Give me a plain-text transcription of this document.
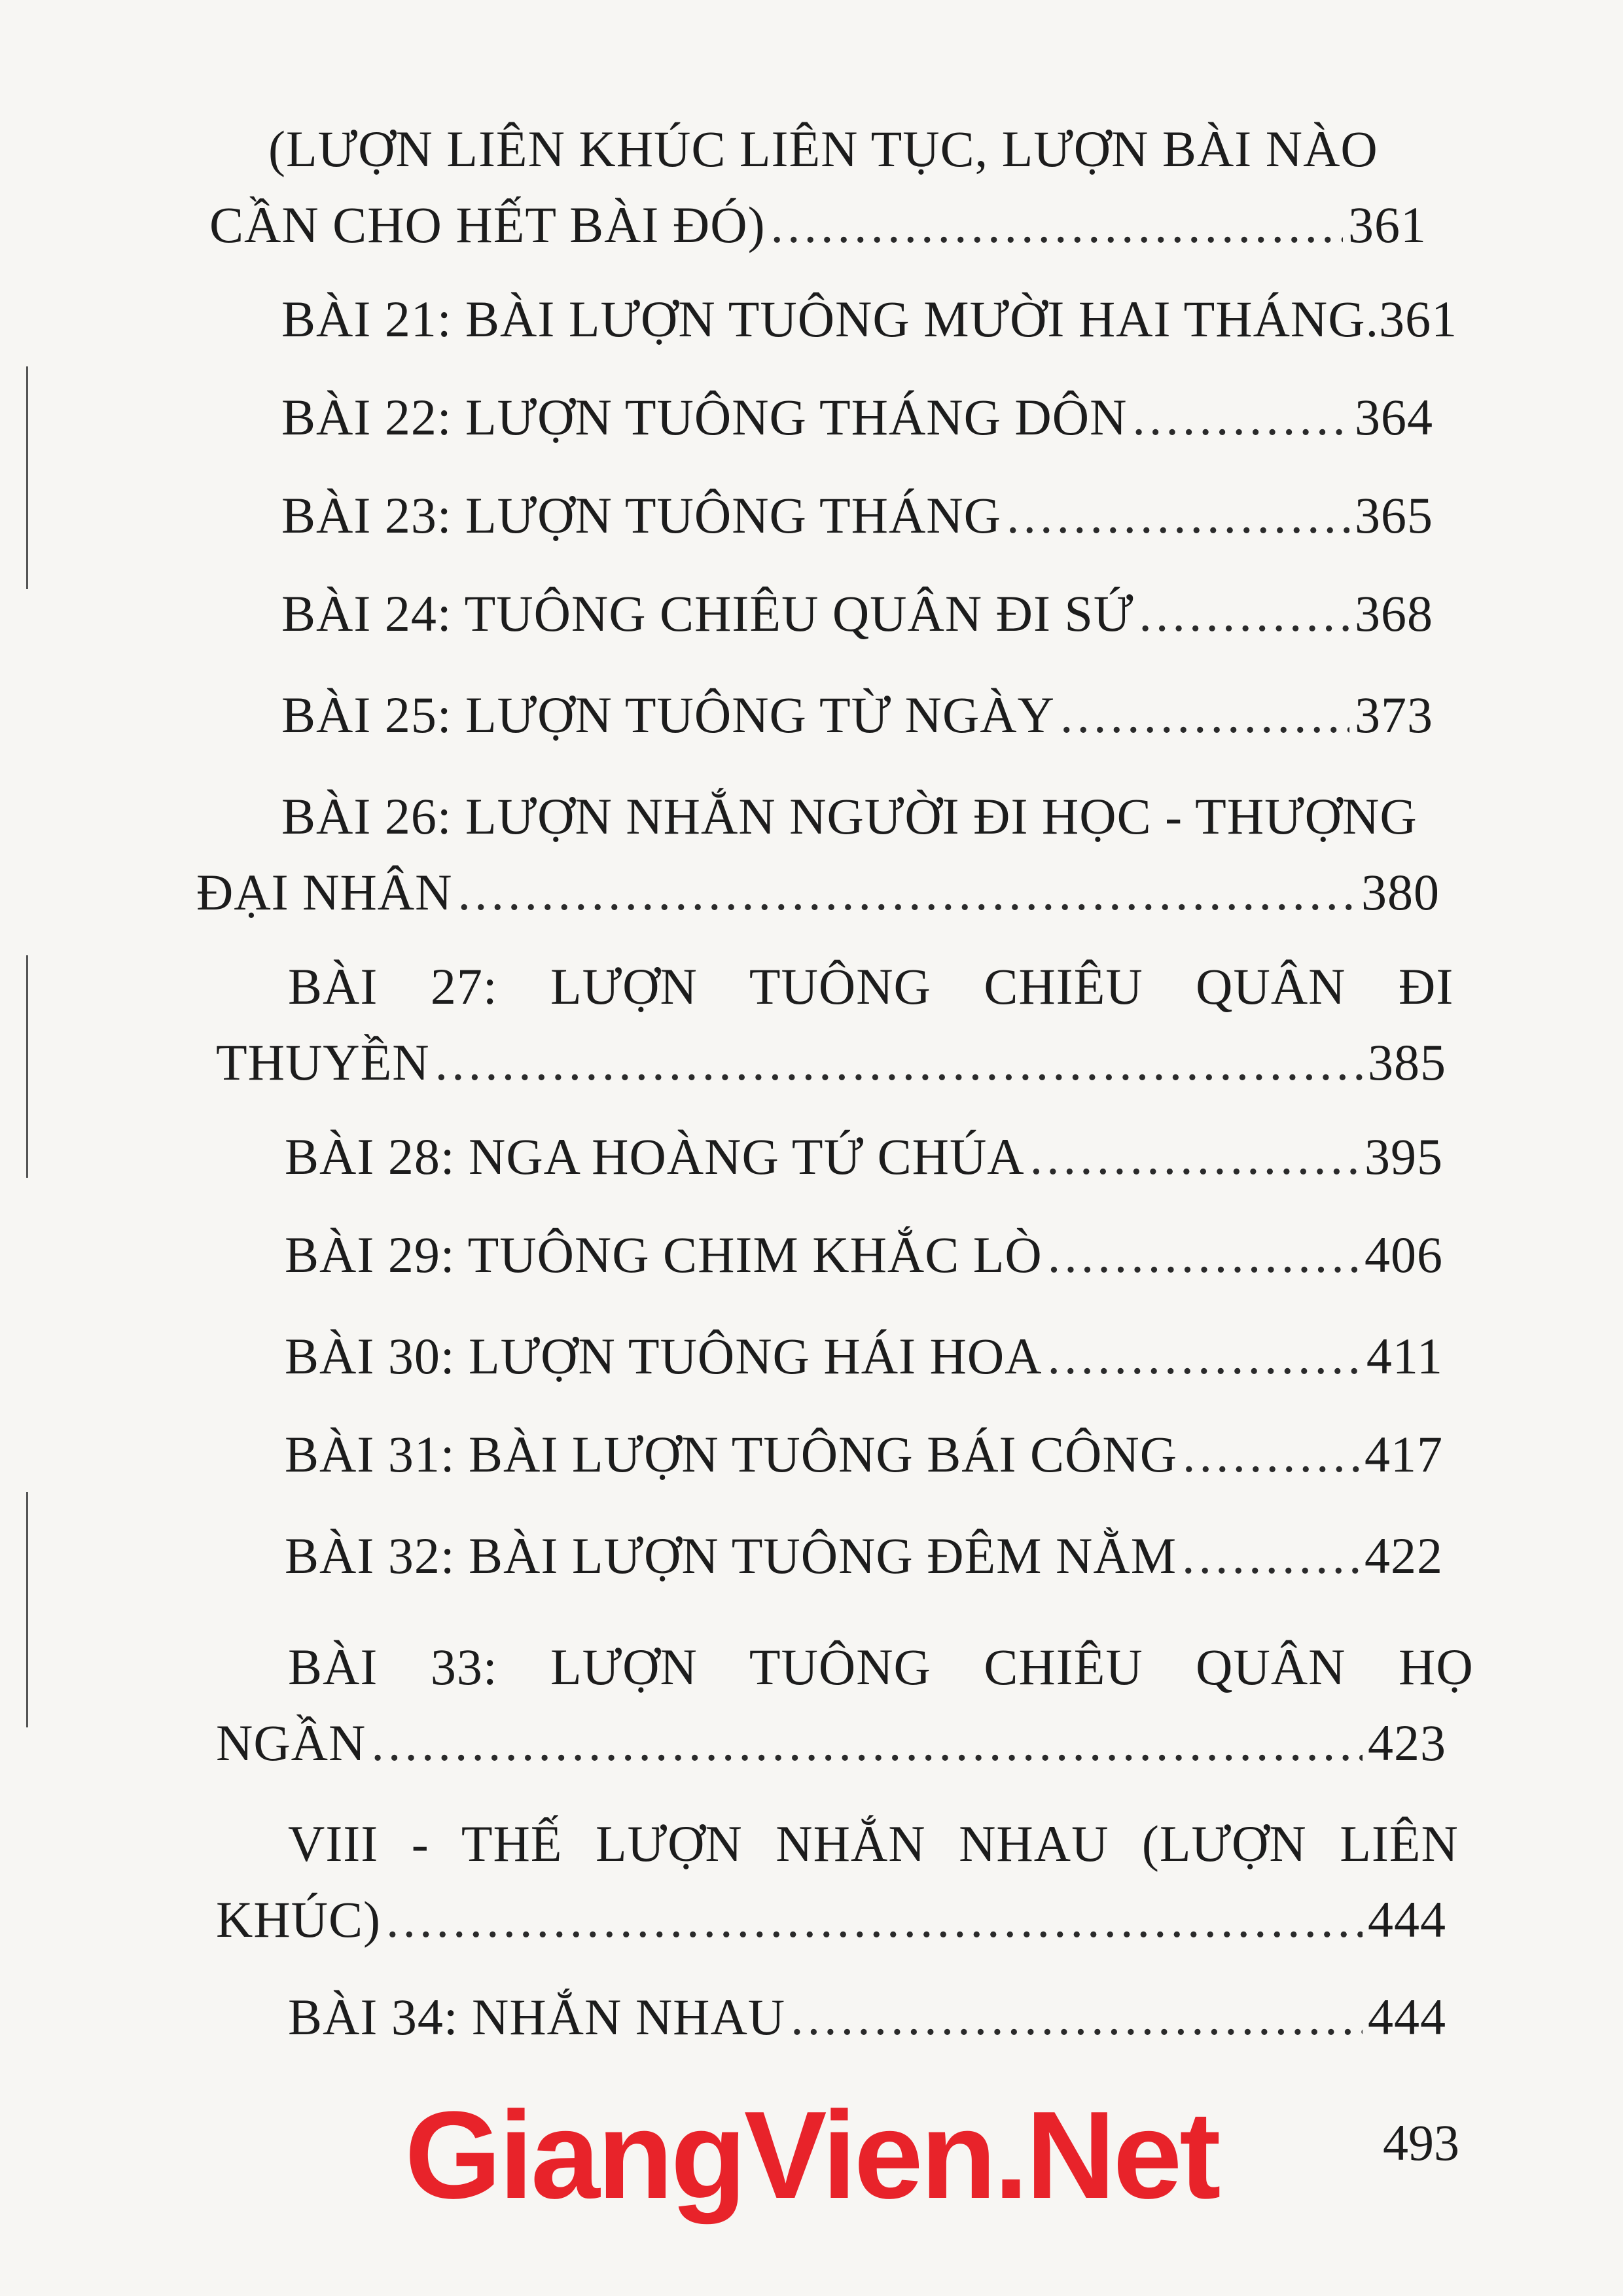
(LƯỢN LIÊN KHÚC LIÊN TỤC, LƯỢN BÀI NÀO
CẦN CHO HẾT BÀI ĐÓ) .....	361
BÀI 21: BÀI LƯỢN TUÔNG MƯỜI HAI THÁNG .361
BÀI 22: LƯỢN TUÔNG THÁNG DÔN .....	364
BÀI 23: LƯỢN TUÔNG THÁNG .....	365
BÀI 24: TUÔNG CHIÊU QUÂN ĐI SỨ .....	368
BÀI 25: LƯỢN TUÔNG TỪ NGÀY .....	373
BÀI 26: LƯỢN NHẮN NGƯỜI ĐI HỌC - THƯỢNG
ĐẠI NHÂN .....	380
BÀI 27: LƯỢN TUÔNG CHIÊU QUÂN ĐI
THUYỀN .....	385
BÀI 28: NGA HOÀNG TỨ CHÚA .....	395
BÀI 29: TUÔNG CHIM KHẮC LÒ .....	406
BÀI 30: LƯỢN TUÔNG HÁI HOA .....	411
BÀI 31: BÀI LƯỢN TUÔNG BÁI CÔNG .....	417
BÀI 32: BÀI LƯỢN TUÔNG ĐÊM NẰM .....	422
BÀI 33: LƯỢN TUÔNG CHIÊU QUÂN HỌ
NGẦN .....	423
VIII - THẾ LƯỢN NHẮN NHAU (LƯỢN LIÊN
KHÚC) .....	444
BÀI 34: NHẮN NHAU .....	444
GiangVien.Net	493
